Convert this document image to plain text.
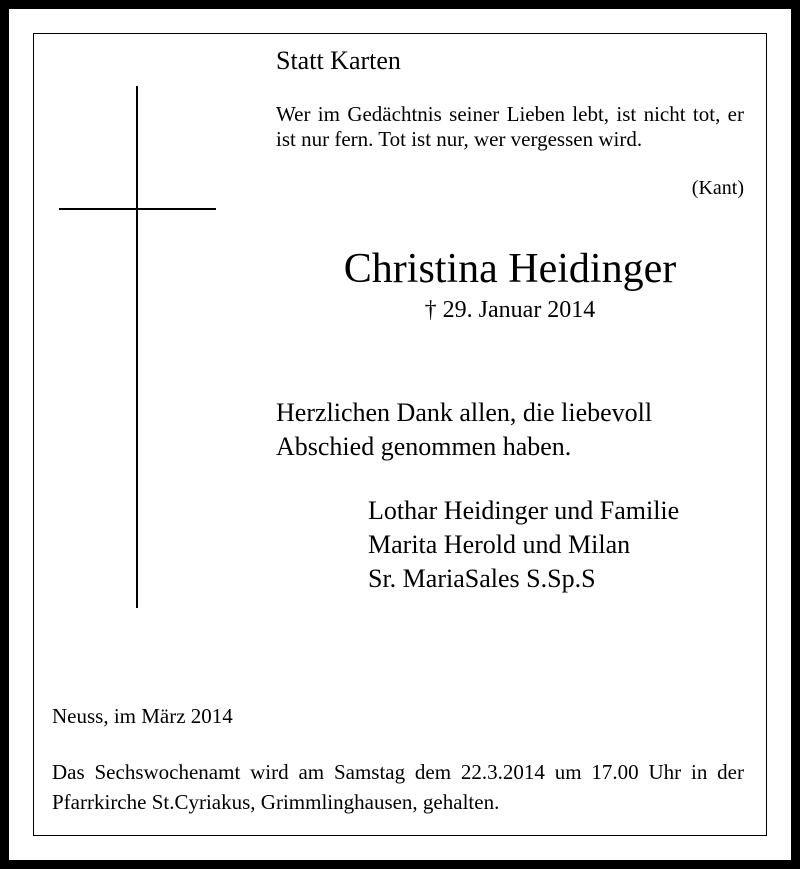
Statt Karten
Wer im Gedächtnis seiner Lieben lebt, ist nicht tot, er ist nur fern. Tot ist nur, wer vergessen wird.
(Kant)
Christina Heidinger
† 29. Januar 2014
Herzlichen Dank allen, die liebevoll
Abschied genommen haben.
Lothar Heidinger und Familie
Marita Herold und Milan
Sr. MariaSales S.Sp.S
Neuss, im März 2014
Das Sechswochenamt wird am Samstag dem 22.3.2014 um 17.00 Uhr in der Pfarrkirche St.Cyriakus, Grimmlinghausen, gehalten.
